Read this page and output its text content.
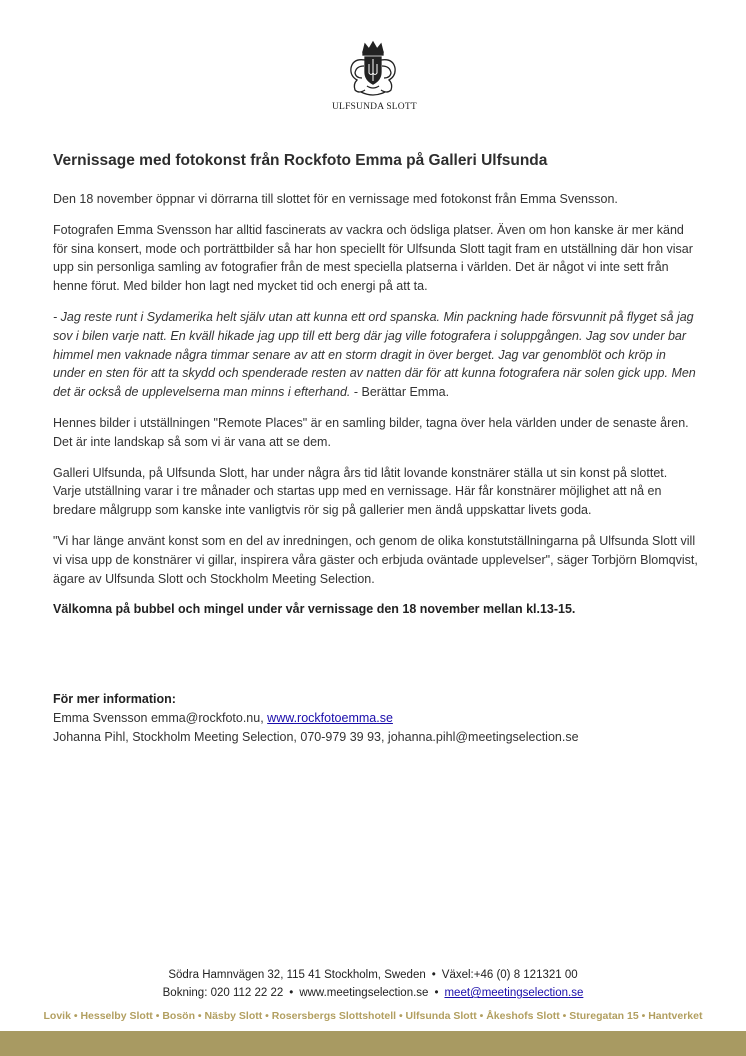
ULFSUNDA SLOTT
Vernissage med fotokonst från Rockfoto Emma på Galleri Ulfsunda

Den 18 november öppnar vi dörrarna till slottet för en vernissage med fotokonst från Emma Svensson.

Fotografen Emma Svensson har alltid fascinerats av vackra och ödsliga platser. Även om hon kanske är mer känd för sina konsert, mode och porträttbilder så har hon speciellt för Ulfsunda Slott tagit fram en utställning där hon visar upp sin personliga samling av fotografier från de mest speciella platserna i världen. Det är något vi inte sett från henne förut. Med bilder hon lagt ned mycket tid och energi på att ta.

- Jag reste runt i Sydamerika helt själv utan att kunna ett ord spanska. Min packning hade försvunnit på flyget så jag sov i bilen varje natt. En kväll hikade jag upp till ett berg där jag ville fotografera i soluppgången. Jag sov under bar himmel men vaknade några timmar senare av att en storm dragit in över berget. Jag var genomblöt och kröp in under en sten för att ta skydd och spenderade resten av natten där för att kunna fotografera när solen gick upp. Men det är också de upplevelserna man minns i efterhand. - Berättar Emma.

Hennes bilder i utställningen "Remote Places" är en samling bilder, tagna över hela världen under de senaste åren. Det är inte landskap så som vi är vana att se dem.

Galleri Ulfsunda, på Ulfsunda Slott, har under några års tid låtit lovande konstnärer ställa ut sin konst på slottet. Varje utställning varar i tre månader och startas upp med en vernissage. Här får konstnärer möjlighet att nå en bredare målgrupp som kanske inte vanligtvis rör sig på gallerier men ändå uppskattar livets goda.

"Vi har länge använt konst som en del av inredningen, och genom de olika konstutställningarna på Ulfsunda Slott vill vi visa upp de konstnärer vi gillar, inspirera våra gäster och erbjuda oväntade upplevelser", säger Torbjörn Blomqvist, ägare av Ulfsunda Slott och Stockholm Meeting Selection.

Välkomna på bubbel och mingel under vår vernissage den 18 november mellan kl.13-15.

För mer information:
Emma Svensson emma@rockfoto.nu, www.rockfotoemma.se
Johanna Pihl, Stockholm Meeting Selection, 070-979 39 93, johanna.pihl@meetingselection.se
Södra Hamnvägen 32, 115 41 Stockholm, Sweden • Växel:+46 (0) 8 121321 00
Bokning: 020 112 22 22 • www.meetingselection.se • meet@meetingselection.se
Lovik • Hesselby Slott • Bosön • Näsby Slott • Rosersbergs Slottshotell • Ulfsunda Slott • Åkeshofs Slott • Sturegatan 15 • Hantverket
